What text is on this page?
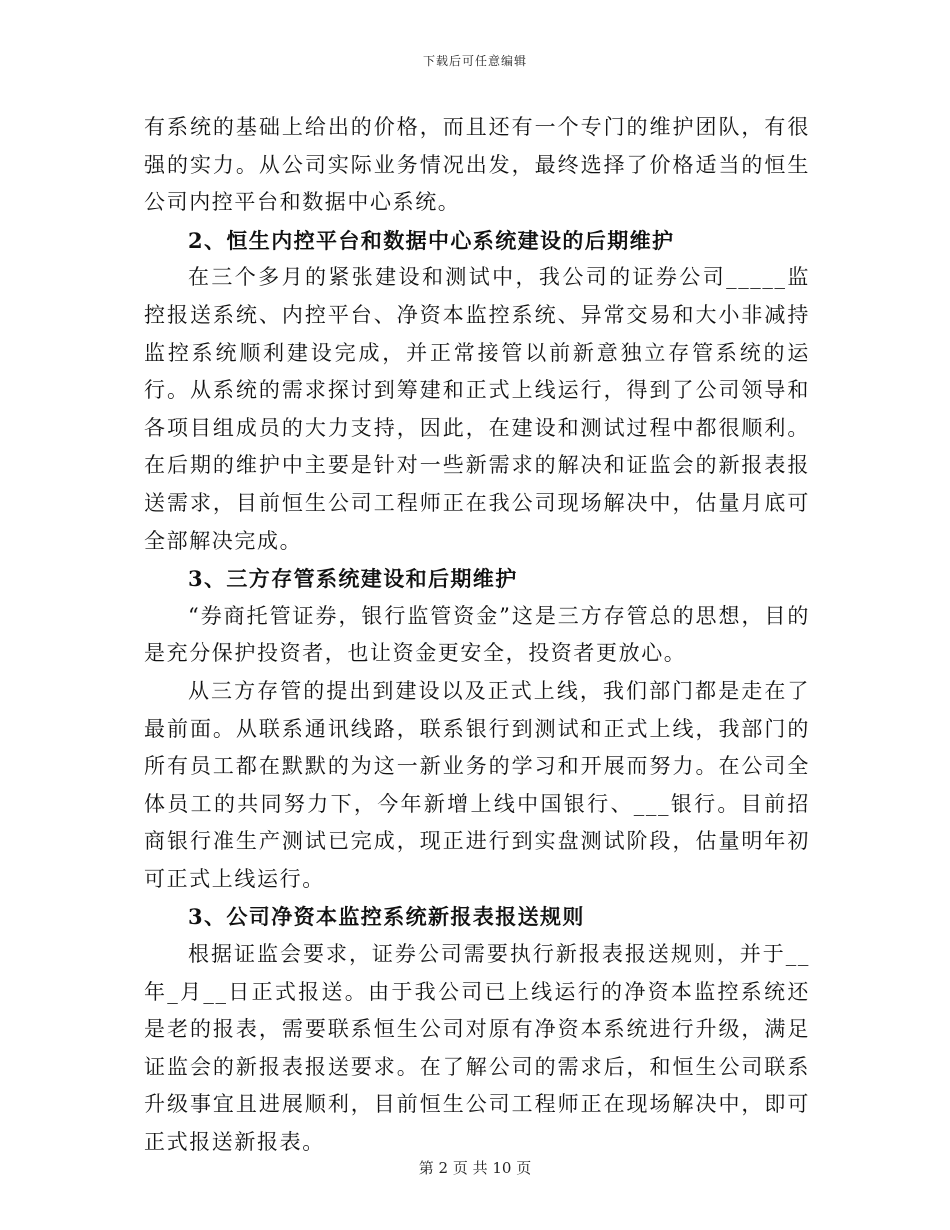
下载后可任意编辑

有系统的基础上给出的价格，而且还有一个专门的维护团队，有很强的实力。从公司实际业务情况出发，最终选择了价格适当的恒生公司内控平台和数据中心系统。

2、恒生内控平台和数据中心系统建设的后期维护

在三个多月的紧张建设和测试中，我公司的证券公司_____监控报送系统、内控平台、净资本监控系统、异常交易和大小非减持监控系统顺利建设完成，并正常接管以前新意独立存管系统的运行。从系统的需求探讨到筹建和正式上线运行，得到了公司领导和各项目组成员的大力支持，因此，在建设和测试过程中都很顺利。在后期的维护中主要是针对一些新需求的解决和证监会的新报表报送需求，目前恒生公司工程师正在我公司现场解决中，估量月底可全部解决完成。

3、三方存管系统建设和后期维护

“券商托管证券，银行监管资金”这是三方存管总的思想，目的是充分保护投资者，也让资金更安全，投资者更放心。

从三方存管的提出到建设以及正式上线，我们部门都是走在了最前面。从联系通讯线路，联系银行到测试和正式上线，我部门的所有员工都在默默的为这一新业务的学习和开展而努力。在公司全体员工的共同努力下，今年新增上线中国银行、___银行。目前招商银行准生产测试已完成，现正进行到实盘测试阶段，估量明年初可正式上线运行。

3、公司净资本监控系统新报表报送规则

根据证监会要求，证券公司需要执行新报表报送规则，并于__年_月__日正式报送。由于我公司已上线运行的净资本监控系统还是老的报表，需要联系恒生公司对原有净资本系统进行升级，满足证监会的新报表报送要求。在了解公司的需求后，和恒生公司联系升级事宜且进展顺利，目前恒生公司工程师正在现场解决中，即可正式报送新报表。

第 2 页 共 10 页
